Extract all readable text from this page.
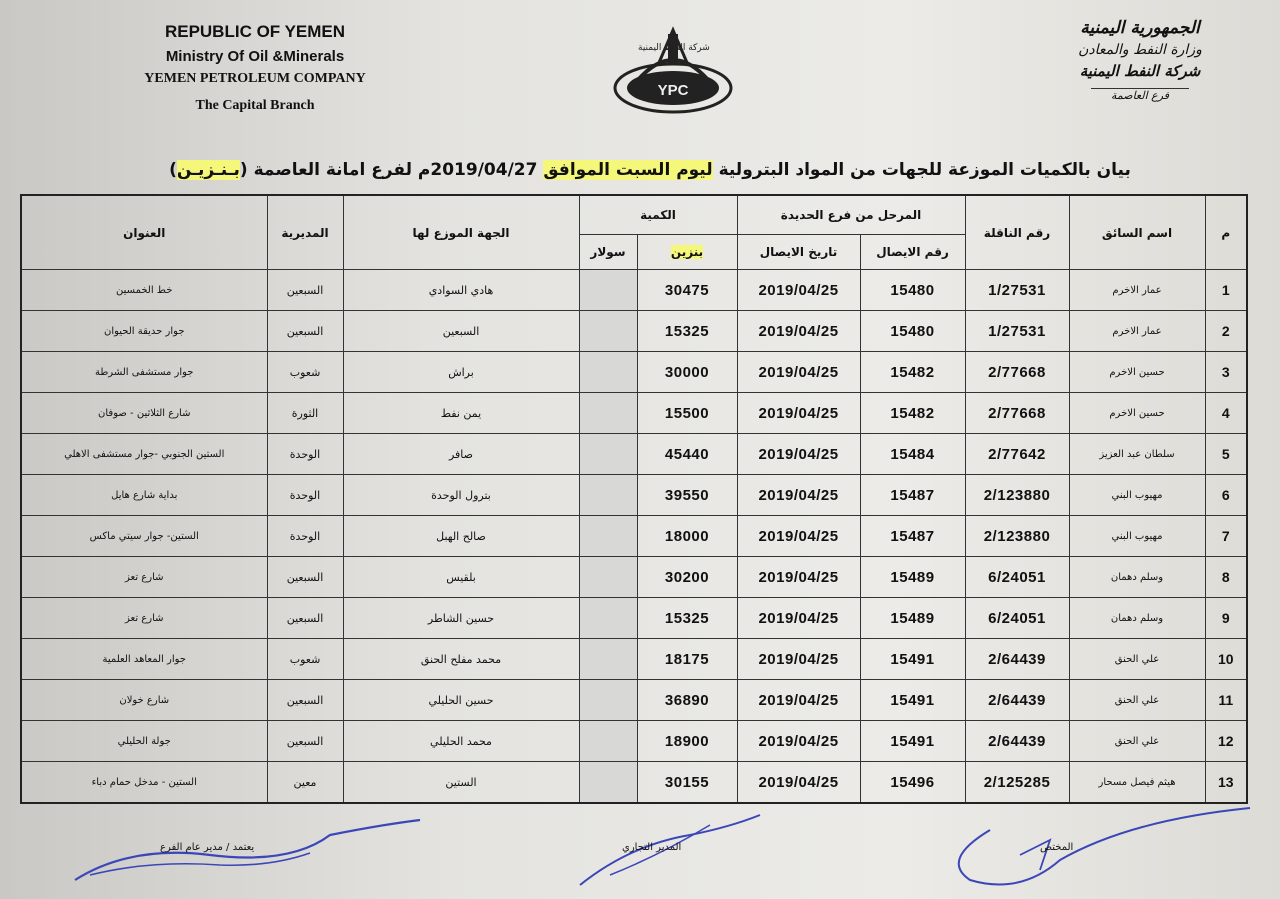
REPUBLIC OF YEMEN
Ministry Of Oil &Minerals
YEMEN PETROLEUM COMPANY
The Capital Branch
YPC
شركة النفط اليمنية
الجمهورية اليمنية
وزارة النفط والمعادن
شركة النفط اليمنية
فرع العاصمة
بيان بالكميات الموزعة للجهات من المواد البترولية ليوم السبت الموافق 2019/04/27م لفرع امانة العاصمة (بـنـزيـن)
م	اسم السائق	رقم الناقلة	المرحل من فرع الحديدة		الكمية		الجهة الموزع لها	المديرية	العنوان
			رقم الايصال	تاريخ الايصال	بنزين	سولار			
1	عمار الاخرم	1/27531	15480	2019/04/25	30475		هادي السوادي	السبعين	خط الخمسين
2	عمار الاخرم	1/27531	15480	2019/04/25	15325		السبعين	السبعين	جوار حديقة الحيوان
3	حسين الاخرم	2/77668	15482	2019/04/25	30000		براش	شعوب	جوار مستشفى الشرطة
4	حسين الاخرم	2/77668	15482	2019/04/25	15500		يمن نفط	الثورة	شارع الثلاثين - صوفان
5	سلطان عبد العزيز	2/77642	15484	2019/04/25	45440		صافر	الوحدة	الستين الجنوبي -جوار مستشفى الاهلي
6	مهيوب البني	2/123880	15487	2019/04/25	39550		بترول الوحدة	الوحدة	بداية شارع هايل
7	مهيوب البني	2/123880	15487	2019/04/25	18000		صالح الهبل	الوحدة	الستين- جوار سيتي ماكس
8	وسلم دهمان	6/24051	15489	2019/04/25	30200		بلقيس	السبعين	شارع تعز
9	وسلم دهمان	6/24051	15489	2019/04/25	15325		حسين الشاطر	السبعين	شارع تعز
10	علي الحنق	2/64439	15491	2019/04/25	18175		محمد مفلح الحنق	شعوب	جوار المعاهد العلمية
11	علي الحنق	2/64439	15491	2019/04/25	36890		حسين الحليلي	السبعين	شارع خولان
12	علي الحنق	2/64439	15491	2019/04/25	18900		محمد الحليلي	السبعين	جولة الحليلي
13	هيثم فيصل مسحار	2/125285	15496	2019/04/25	30155		الستين	معين	الستين - مدخل حمام دباء
يعتمد / مدير عام الفرع	المدير التجاري	المختص
